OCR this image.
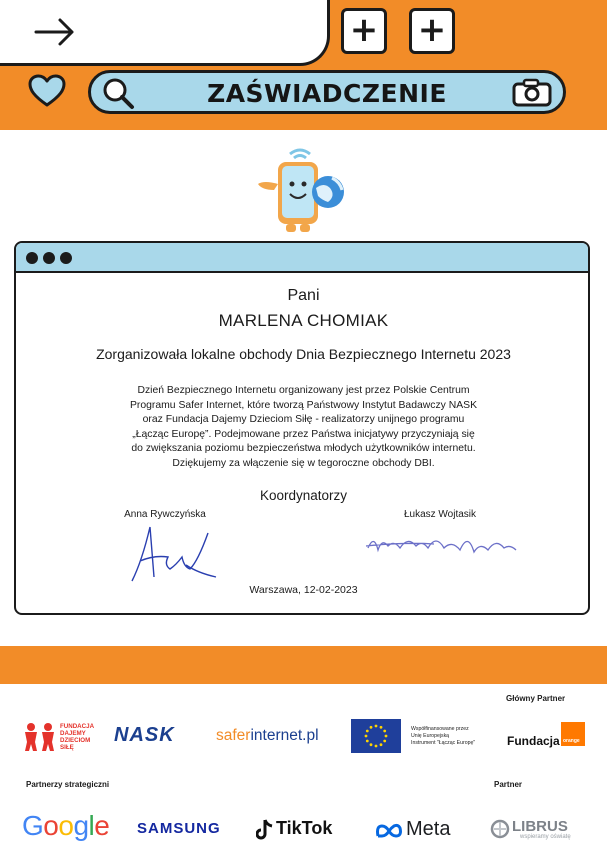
+ +
ZAŚWIADCZENIE
Pani
MARLENA CHOMIAK
Zorganizowała lokalne obchody Dnia Bezpiecznego Internetu 2023
Dzień Bezpiecznego Internetu organizowany jest przez Polskie Centrum
Programu Safer Internet, które tworzą Państwowy Instytut Badawczy NASK
oraz Fundacja Dajemy Dzieciom Siłę - realizatorzy unijnego programu
„Łącząc Europę”. Podejmowane przez Państwa inicjatywy przyczyniają się
do zwiększania poziomu bezpieczeństwa młodych użytkowników internetu.
Dziękujemy za włączenie się w tegoroczne obchody DBI.
Koordynatorzy
Anna Rywczyńska	Łukasz Wojtasik
Warszawa, 12-02-2023
Główny Partner
FUNDACJA
DAJEMY
DZIECIOM
SIŁĘ
NASK	saferinternet.pl	Współfinansowane przez
Unię Europejską
Instrument "Łącząc Europę"	Fundacja orange
Partnerzy strategiczni	Partner
Google SAMSUNG	TikTok	Meta	LIBRUS
wspieramy oświatę
